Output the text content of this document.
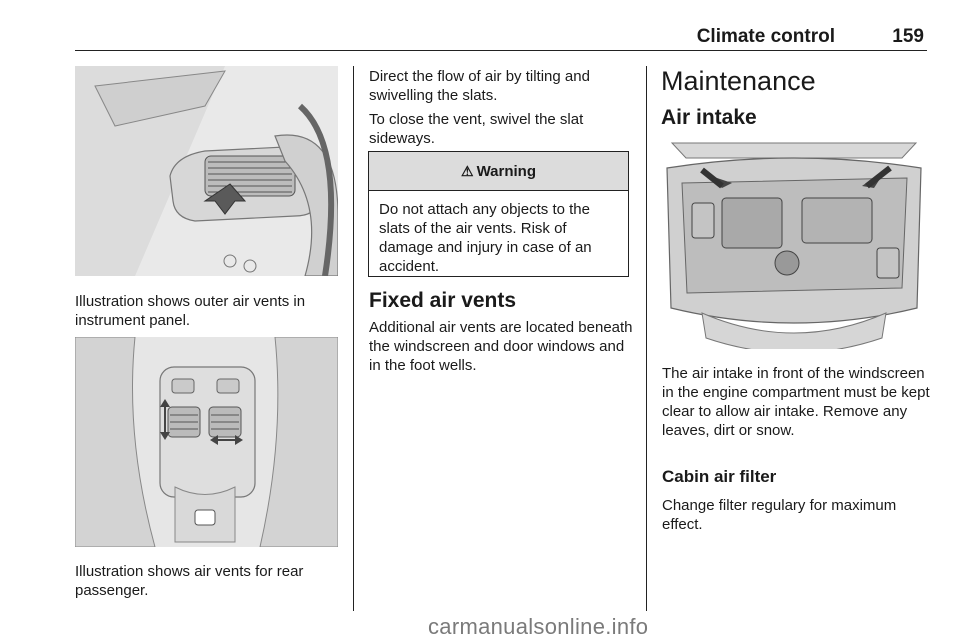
Climate control	159
Illustration shows outer air vents in instrument panel.
Illustration shows air vents for rear passenger.
Direct the flow of air by tilting and swivelling the slats.
To close the vent, swivel the slat sideways.
⚠ Warning
Do not attach any objects to the slats of the air vents. Risk of damage and injury in case of an accident.
Fixed air vents
Additional air vents are located beneath the windscreen and door windows and in the foot wells.
Maintenance
Air intake
The air intake in front of the windscreen in the engine compartment must be kept clear to allow air intake. Remove any leaves, dirt or snow.
Cabin air filter
Change filter regulary for maximum effect.
carmanualsonline.info
